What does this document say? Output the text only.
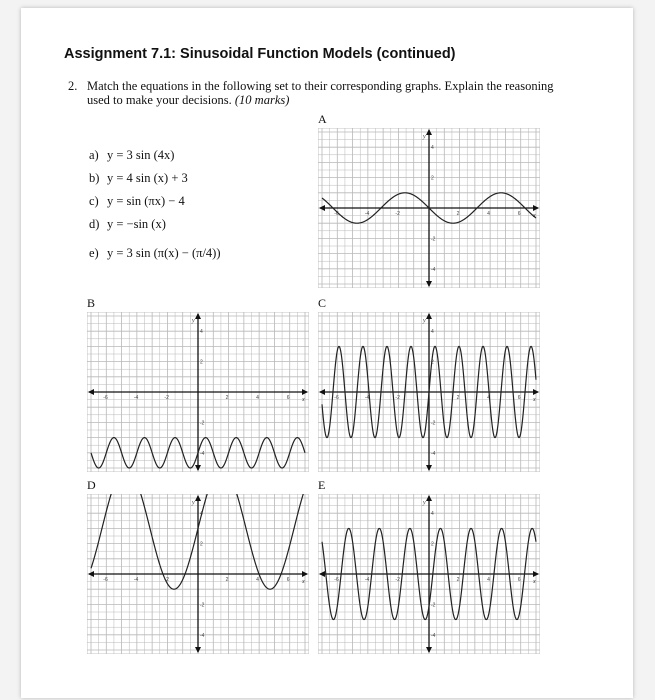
Assignment 7.1: Sinusoidal Function Models (continued)
2. Match the equations in the following set to their corresponding graphs. Explain the reasoning used to make your decisions. (10 marks)
a) y = 3 sin (4x)
b) y = 4 sin (x) + 3
c) y = sin (πx) − 4
d) y = −sin (x)
e) y = 3 sin (π(x) − (π/4))
A
y
x
-6	-4	-2	2	4	6
4
2
-2
-4
B
y
x
-6	-4	-2	2	4	6
4
2
-2
-4
C
y
x
-6	-4	-2	2	4	6
4
2
-2
-4
D
y
x
-6	-4	-2	2	4	6
4
2
-2
-4
E
y
x
-6	-4	-2	2	4	6
4
2
-2
-4
